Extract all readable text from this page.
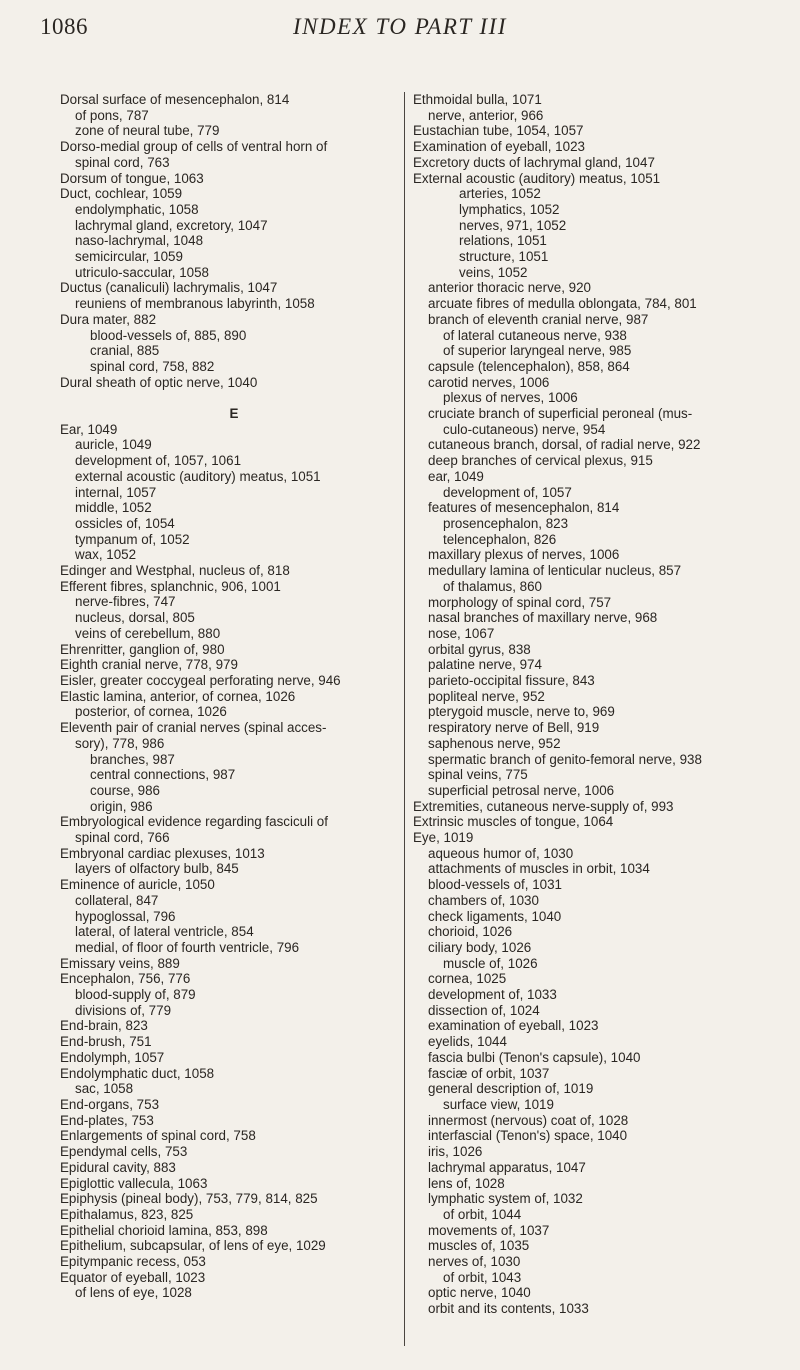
1086	INDEX TO PART III
Dorsal surface of mesencephalon, 814
of pons, 787
zone of neural tube, 779
Dorso-medial group of cells of ventral horn of
spinal cord, 763
Dorsum of tongue, 1063
Duct, cochlear, 1059
endolymphatic, 1058
lachrymal gland, excretory, 1047
naso-lachrymal, 1048
semicircular, 1059
utriculo-saccular, 1058
Ductus (canaliculi) lachrymalis, 1047
reuniens of membranous labyrinth, 1058
Dura mater, 882
blood-vessels of, 885, 890
cranial, 885
spinal cord, 758, 882
Dural sheath of optic nerve, 1040
E
Ear, 1049
auricle, 1049
development of, 1057, 1061
external acoustic (auditory) meatus, 1051
internal, 1057
middle, 1052
ossicles of, 1054
tympanum of, 1052
wax, 1052
Edinger and Westphal, nucleus of, 818
Efferent fibres, splanchnic, 906, 1001
nerve-fibres, 747
nucleus, dorsal, 805
veins of cerebellum, 880
Ehrenritter, ganglion of, 980
Eighth cranial nerve, 778, 979
Eisler, greater coccygeal perforating nerve, 946
Elastic lamina, anterior, of cornea, 1026
posterior, of cornea, 1026
Eleventh pair of cranial nerves (spinal acces-
sory), 778, 986
branches, 987
central connections, 987
course, 986
origin, 986
Embryological evidence regarding fasciculi of
spinal cord, 766
Embryonal cardiac plexuses, 1013
layers of olfactory bulb, 845
Eminence of auricle, 1050
collateral, 847
hypoglossal, 796
lateral, of lateral ventricle, 854
medial, of floor of fourth ventricle, 796
Emissary veins, 889
Encephalon, 756, 776
blood-supply of, 879
divisions of, 779
End-brain, 823
End-brush, 751
Endolymph, 1057
Endolymphatic duct, 1058
sac, 1058
End-organs, 753
End-plates, 753
Enlargements of spinal cord, 758
Ependymal cells, 753
Epidural cavity, 883
Epiglottic vallecula, 1063
Epiphysis (pineal body), 753, 779, 814, 825
Epithalamus, 823, 825
Epithelial chorioid lamina, 853, 898
Epithelium, subcapsular, of lens of eye, 1029
Epitympanic recess, 053
Equator of eyeball, 1023
of lens of eye, 1028
Ethmoidal bulla, 1071
nerve, anterior, 966
Eustachian tube, 1054, 1057
Examination of eyeball, 1023
Excretory ducts of lachrymal gland, 1047
External acoustic (auditory) meatus, 1051
arteries, 1052
lymphatics, 1052
nerves, 971, 1052
relations, 1051
structure, 1051
veins, 1052
anterior thoracic nerve, 920
arcuate fibres of medulla oblongata, 784, 801
branch of eleventh cranial nerve, 987
of lateral cutaneous nerve, 938
of superior laryngeal nerve, 985
capsule (telencephalon), 858, 864
carotid nerves, 1006
plexus of nerves, 1006
cruciate branch of superficial peroneal (mus-
culo-cutaneous) nerve, 954
cutaneous branch, dorsal, of radial nerve, 922
deep branches of cervical plexus, 915
ear, 1049
development of, 1057
features of mesencephalon, 814
prosencephalon, 823
telencephalon, 826
maxillary plexus of nerves, 1006
medullary lamina of lenticular nucleus, 857
of thalamus, 860
morphology of spinal cord, 757
nasal branches of maxillary nerve, 968
nose, 1067
orbital gyrus, 838
palatine nerve, 974
parieto-occipital fissure, 843
popliteal nerve, 952
pterygoid muscle, nerve to, 969
respiratory nerve of Bell, 919
saphenous nerve, 952
spermatic branch of genito-femoral nerve, 938
spinal veins, 775
superficial petrosal nerve, 1006
Extremities, cutaneous nerve-supply of, 993
Extrinsic muscles of tongue, 1064
Eye, 1019
aqueous humor of, 1030
attachments of muscles in orbit, 1034
blood-vessels of, 1031
chambers of, 1030
check ligaments, 1040
chorioid, 1026
ciliary body, 1026
muscle of, 1026
cornea, 1025
development of, 1033
dissection of, 1024
examination of eyeball, 1023
eyelids, 1044
fascia bulbi (Tenon's capsule), 1040
fasciæ of orbit, 1037
general description of, 1019
surface view, 1019
innermost (nervous) coat of, 1028
interfascial (Tenon's) space, 1040
iris, 1026
lachrymal apparatus, 1047
lens of, 1028
lymphatic system of, 1032
of orbit, 1044
movements of, 1037
muscles of, 1035
nerves of, 1030
of orbit, 1043
optic nerve, 1040
orbit and its contents, 1033
